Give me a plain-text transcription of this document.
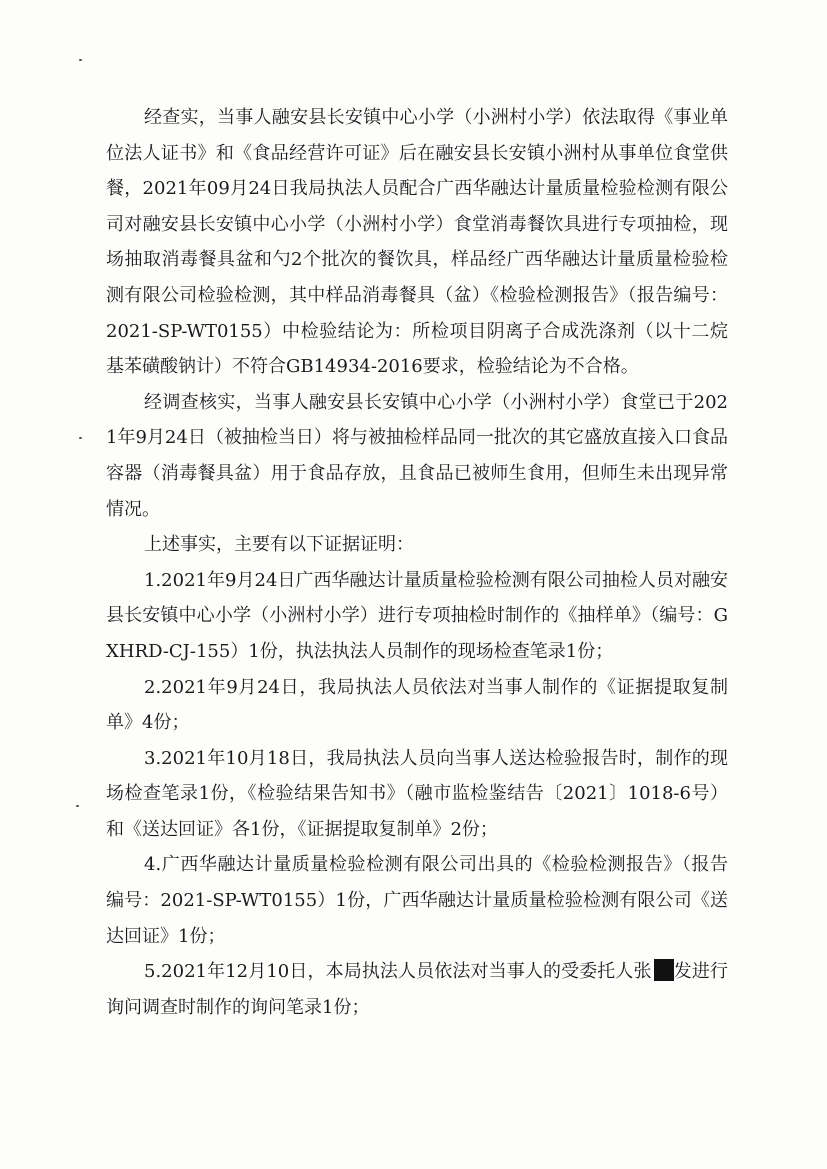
经查实，当事人融安县长安镇中心小学（小洲村小学）依法取得《事业单位法人证书》和《食品经营许可证》后在融安县长安镇小洲村从事单位食堂供餐，2021年09月24日我局执法人员配合广西华融达计量质量检验检测有限公司对融安县长安镇中心小学（小洲村小学）食堂消毒餐饮具进行专项抽检，现场抽取消毒餐具盆和勺2个批次的餐饮具，样品经广西华融达计量质量检验检测有限公司检验检测，其中样品消毒餐具（盆）《检验检测报告》（报告编号：2021-SP-WT0155）中检验结论为：所检项目阴离子合成洗涤剂（以十二烷基苯磺酸钠计）不符合GB14934-2016要求，检验结论为不合格。

经调查核实，当事人融安县长安镇中心小学（小洲村小学）食堂已于2021年9月24日（被抽检当日）将与被抽检样品同一批次的其它盛放直接入口食品容器（消毒餐具盆）用于食品存放，且食品已被师生食用，但师生未出现异常情况。

上述事实，主要有以下证据证明：

1.2021年9月24日广西华融达计量质量检验检测有限公司抽检人员对融安县长安镇中心小学（小洲村小学）进行专项抽检时制作的《抽样单》（编号：GXHRD-CJ-155）1份，执法执法人员制作的现场检查笔录1份；

2.2021年9月24日，我局执法人员依法对当事人制作的《证据提取复制单》4份；

3.2021年10月18日，我局执法人员向当事人送达检验报告时，制作的现场检查笔录1份，《检验结果告知书》（融市监检鉴结告〔2021〕1018-6号）和《送达回证》各1份，《证据提取复制单》2份；

4.广西华融达计量质量检验检测有限公司出具的《检验检测报告》（报告编号：2021-SP-WT0155）1份，广西华融达计量质量检验检测有限公司《送达回证》1份；

5.2021年12月10日，本局执法人员依法对当事人的受委托人张 发进行询问调查时制作的询问笔录1份；
